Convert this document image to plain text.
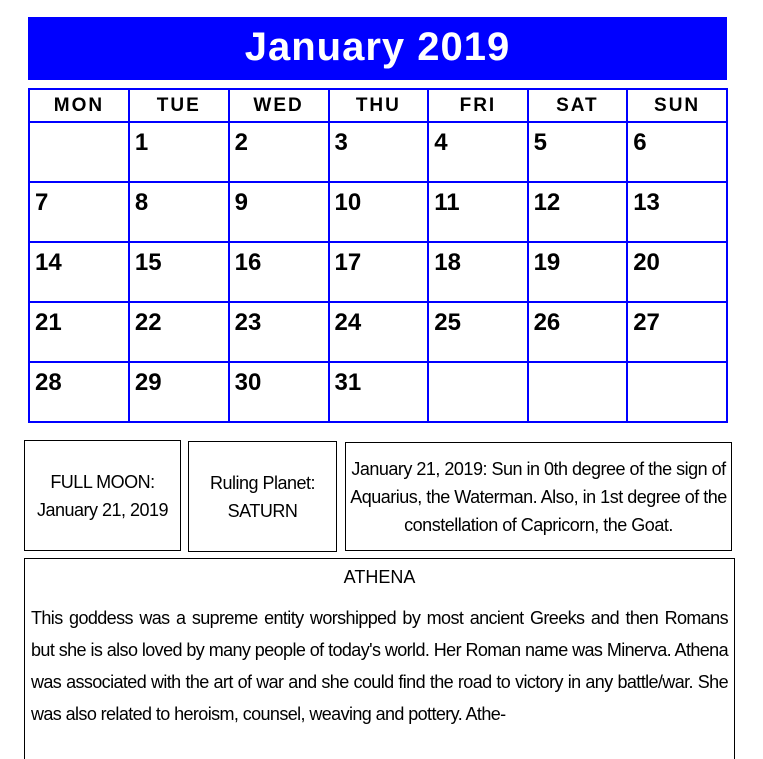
January 2019
MON	TUE	WED	THU	FRI	SAT	SUN

	1	2	3	4	5	6

7	8	9	10	11	12	13

14	15	16	17	18	19	20

21	22	23	24	25	26	27

28	29	30	31			

FULL MOON:
January 21, 2019
Ruling Planet:
SATURN
January 21, 2019: Sun in 0th degree of the sign of Aquarius, the Waterman. Also, in 1st degree of the constellation of Capricorn, the Goat.
ATHENA

This goddess was a supreme entity worshipped by most ancient Greeks and then Romans but she is also loved by many people of today's world. Her Roman name was Minerva. Athena was associated with the art of war and she could find the road to victory in any battle/war. She was also related to heroism, counsel, weaving and pottery. Athe-
